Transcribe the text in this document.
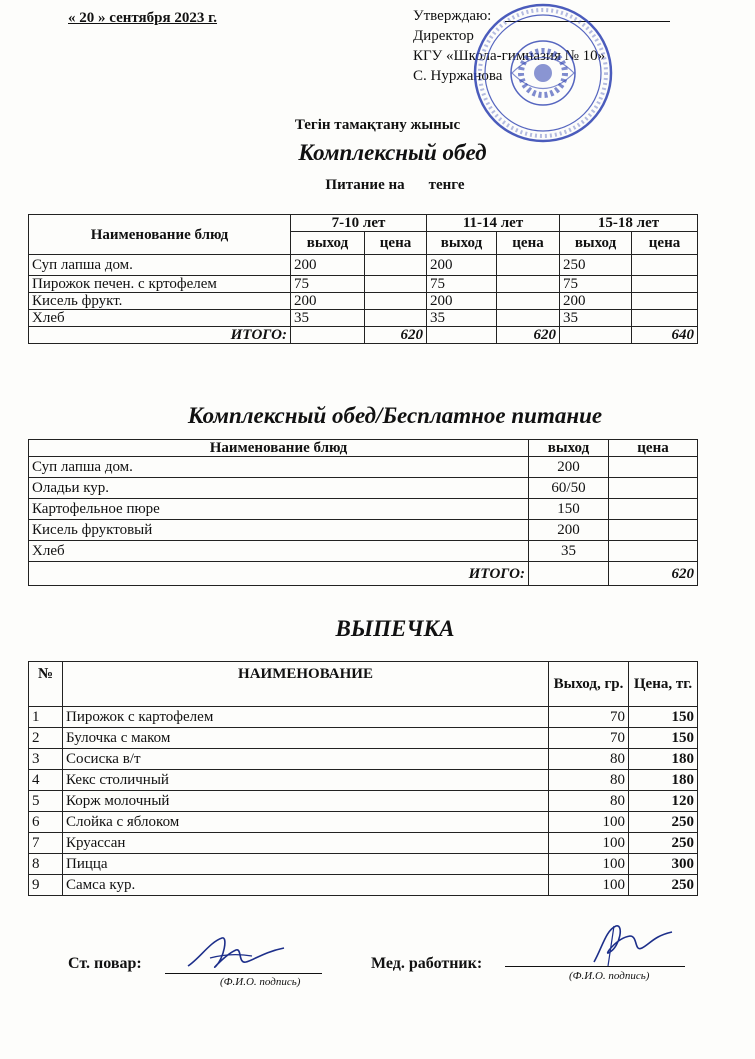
« 20 » сентября 2023 г.	Утверждаю:
Директор
КГУ «Школа-гимназия № 10»
С. Нуржанова
Тегін тамақтану жыныс
Комплексный обед
Питание на тенге
Наименование блюд	7-10 лет		11-14 лет		15-18 лет	
	выход	цена	выход	цена	выход	цена
Суп лапша дом.	200		200		250	
Пирожок печен. с кртофелем	75		75		75	
Кисель фрукт.	200		200		200	
Хлеб	35		35		35	
ИТОГО:		620		620		640
Комплексный обед/Бесплатное питание
Наименование блюд	выход	цена
Суп лапша дом.	200	
Оладьи кур.	60/50	
Картофельное пюре	150	
Кисель фруктовый	200	
Хлеб	35	
ИТОГО:		620
ВЫПЕЧКА
№	НАИМЕНОВАНИЕ	Выход, гр.	Цена, тг.
1	Пирожок с картофелем	70	150
2	Булочка с маком	70	150
3	Сосиска в/т	80	180
4	Кекс столичный	80	180
5	Корж молочный	80	120
6	Слойка с яблоком	100	250
7	Круассан	100	250
8	Пицца	100	300
9	Самса кур.	100	250
Ст. повар:
(Ф.И.О. подпись)
Мед. работник:
(Ф.И.О. подпись)
